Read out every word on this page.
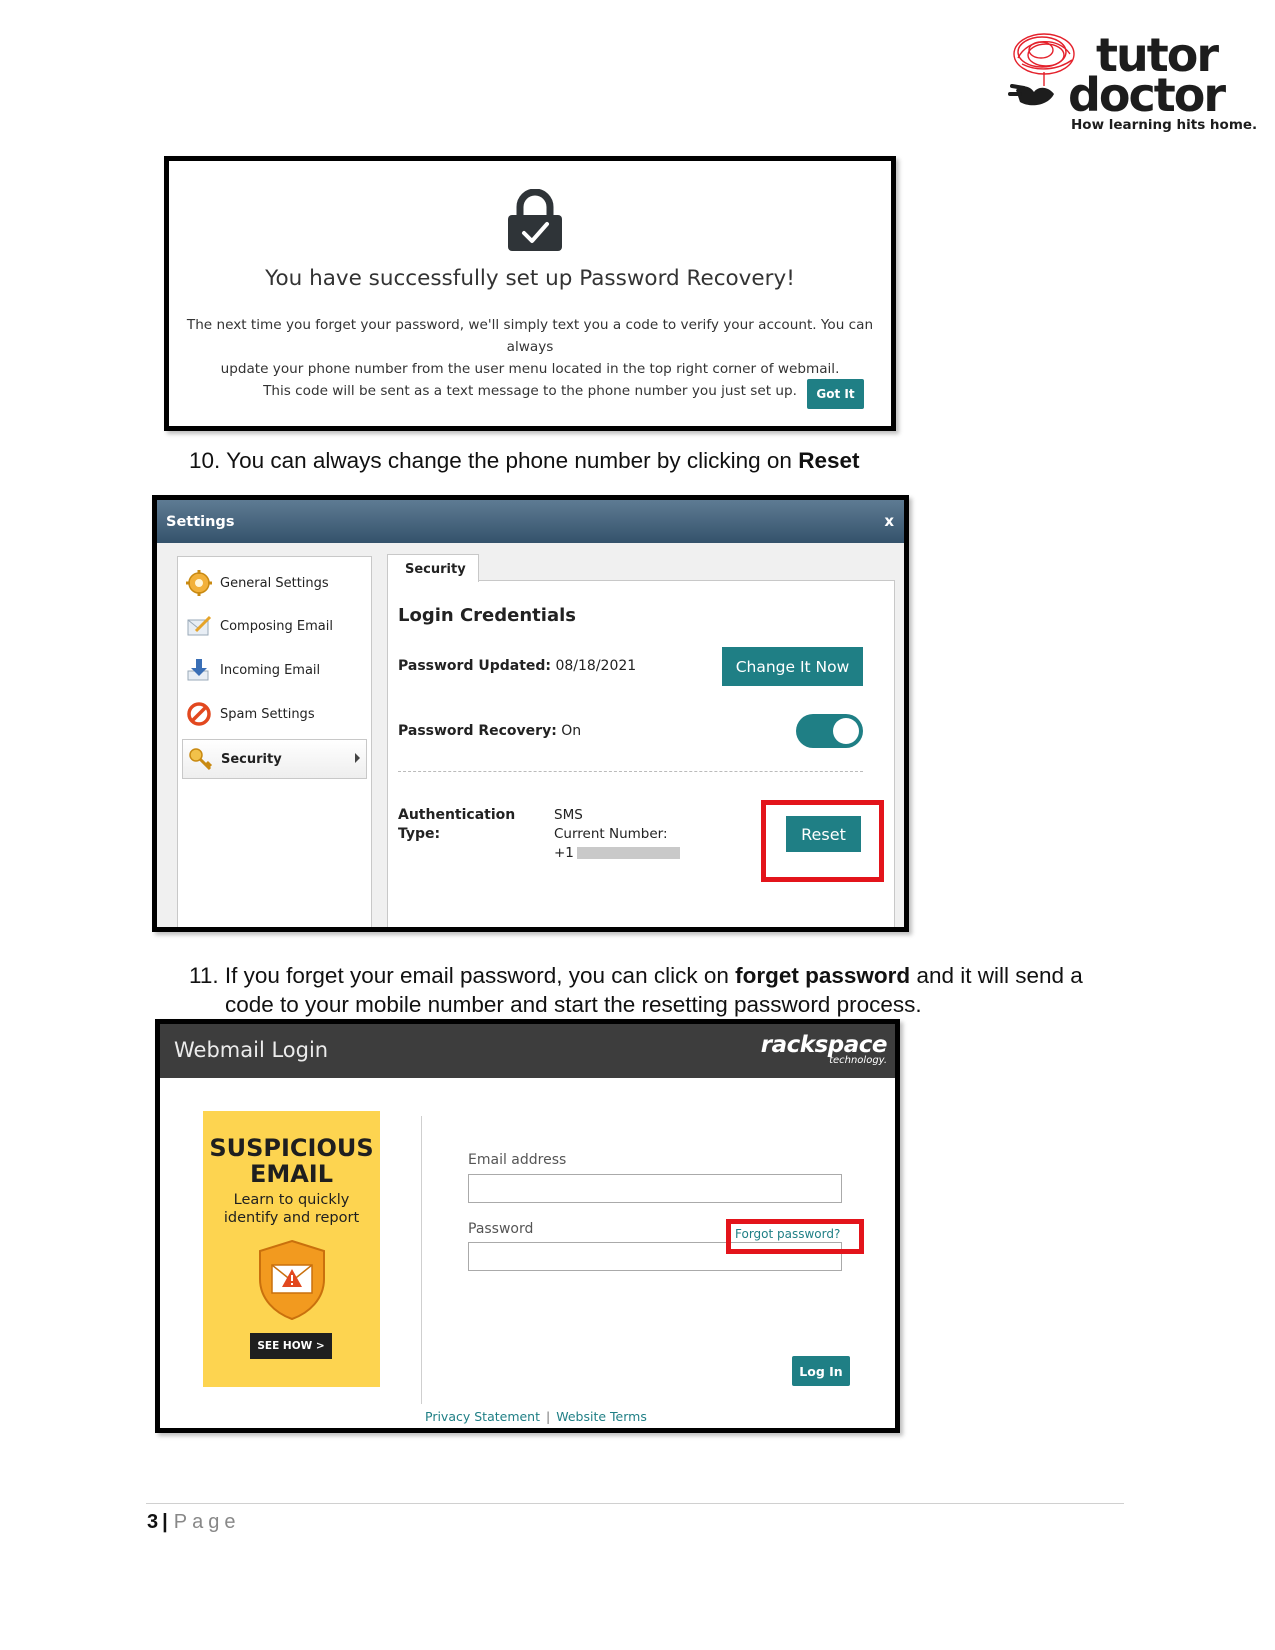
tutor
doctor
How learning hits home.
You have successfully set up Password Recovery!
The next time you forget your password, we'll simply text you a code to verify your account. You can always
update your phone number from the user menu located in the top right corner of webmail.
This code will be sent as a text message to the phone number you just set up.	Got It
10. You can always change the phone number by clicking on Reset
Settings	x
General Settings
Composing Email
Incoming Email
Spam Settings
Security
Security
Login Credentials
Password Updated: 08/18/2021	Change It Now
Password Recovery: On
Authentication
Type:
SMS
Current Number:
+1
Reset
11. If you forget your email password, you can click on forget password and it will send a
code to your mobile number and start the resetting password process.
Webmail Login	rackspace
technology.
SUSPICIOUS
EMAIL
Learn to quickly
identify and report
SEE HOW >
Email address
Password	Forgot password?
Log In
Privacy Statement | Website Terms
3 | Page
